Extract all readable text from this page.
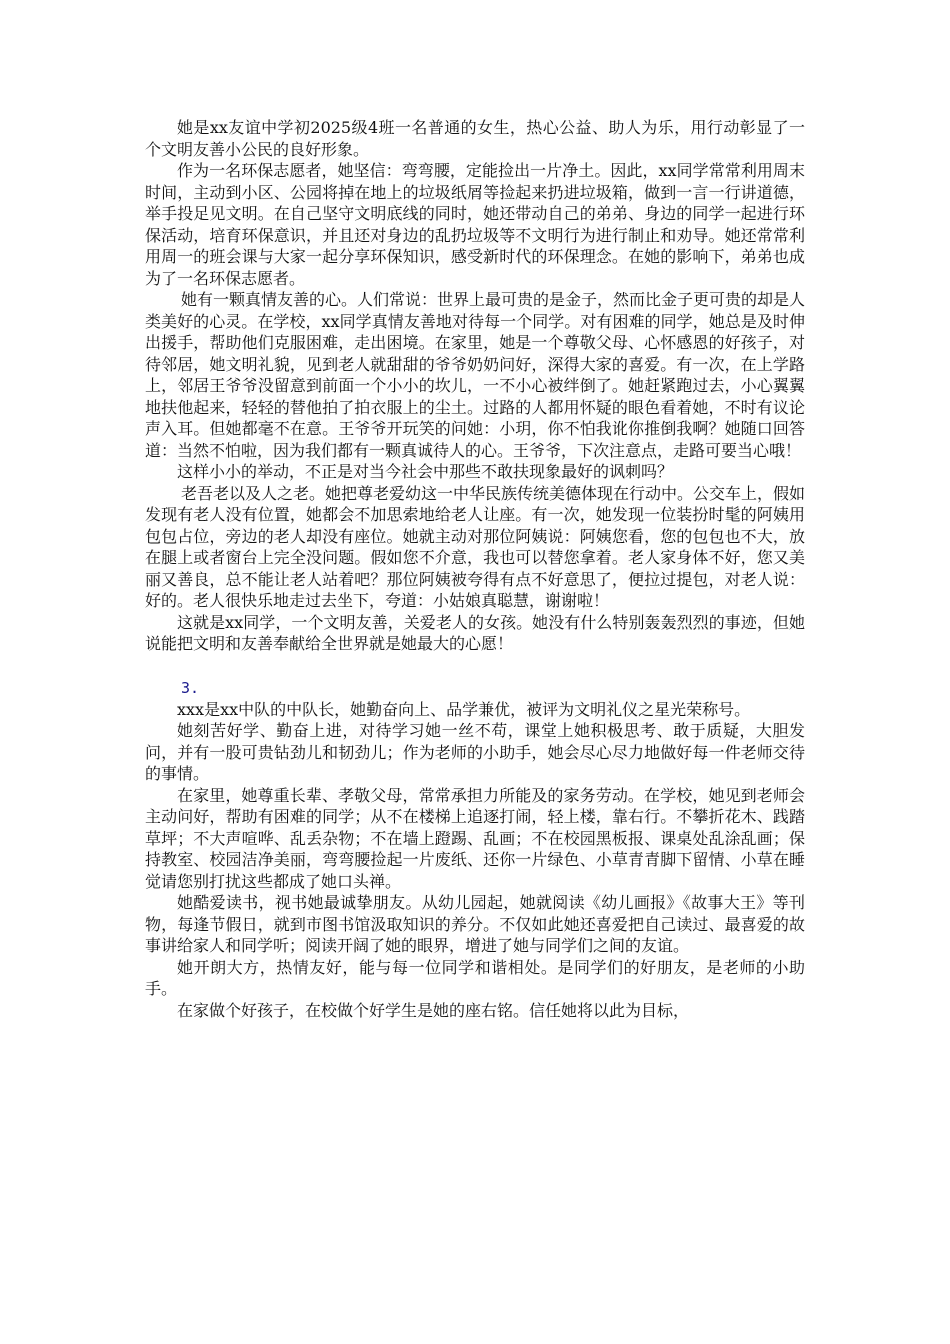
她是xx友谊中学初2025级4班一名普通的女生，热心公益、助人为乐，用行动彰显了一个文明友善小公民的良好形象。

作为一名环保志愿者，她坚信：弯弯腰，定能捡出一片净土。因此，xx同学常常利用周末时间，主动到小区、公园将掉在地上的垃圾纸屑等捡起来扔进垃圾箱，做到一言一行讲道德，举手投足见文明。在自己坚守文明底线的同时，她还带动自己的弟弟、身边的同学一起进行环保活动，培育环保意识，并且还对身边的乱扔垃圾等不文明行为进行制止和劝导。她还常常利用周一的班会课与大家一起分享环保知识，感受新时代的环保理念。在她的影响下，弟弟也成为了一名环保志愿者。

她有一颗真情友善的心。人们常说：世界上最可贵的是金子，然而比金子更可贵的却是人类美好的心灵。在学校，xx同学真情友善地对待每一个同学。对有困难的同学，她总是及时伸出援手，帮助他们克服困难，走出困境。在家里，她是一个尊敬父母、心怀感恩的好孩子，对待邻居，她文明礼貌，见到老人就甜甜的爷爷奶奶问好，深得大家的喜爱。有一次，在上学路上，邻居王爷爷没留意到前面一个小小的坎儿，一不小心被绊倒了。她赶紧跑过去，小心翼翼地扶他起来，轻轻的替他拍了拍衣服上的尘土。过路的人都用怀疑的眼色看着她，不时有议论声入耳。但她都毫不在意。王爷爷开玩笑的问她：小玥，你不怕我讹你推倒我啊？她随口回答道：当然不怕啦，因为我们都有一颗真诚待人的心。王爷爷，下次注意点，走路可要当心哦！

这样小小的举动，不正是对当今社会中那些不敢扶现象最好的讽刺吗？

老吾老以及人之老。她把尊老爱幼这一中华民族传统美德体现在行动中。公交车上，假如发现有老人没有位置，她都会不加思索地给老人让座。有一次，她发现一位装扮时髦的阿姨用包包占位，旁边的老人却没有座位。她就主动对那位阿姨说：阿姨您看，您的包包也不大，放在腿上或者窗台上完全没问题。假如您不介意，我也可以替您拿着。老人家身体不好，您又美丽又善良，总不能让老人站着吧？那位阿姨被夸得有点不好意思了，便拉过提包，对老人说：好的。老人很快乐地走过去坐下，夸道：小姑娘真聪慧，谢谢啦！

这就是xx同学，一个文明友善，关爱老人的女孩。她没有什么特别轰轰烈烈的事迹，但她说能把文明和友善奉献给全世界就是她最大的心愿！

3.

xxx是xx中队的中队长，她勤奋向上、品学兼优，被评为文明礼仪之星光荣称号。

她刻苦好学、勤奋上进，对待学习她一丝不苟，课堂上她积极思考、敢于质疑，大胆发问，并有一股可贵钻劲儿和韧劲儿；作为老师的小助手，她会尽心尽力地做好每一件老师交待的事情。

在家里，她尊重长辈、孝敬父母，常常承担力所能及的家务劳动。在学校，她见到老师会主动问好，帮助有困难的同学；从不在楼梯上追逐打闹，轻上楼，靠右行。不攀折花木、践踏草坪；不大声喧哗、乱丢杂物；不在墙上蹬踢、乱画；不在校园黑板报、课桌处乱涂乱画；保持教室、校园洁净美丽，弯弯腰捡起一片废纸、还你一片绿色、小草青青脚下留情、小草在睡觉请您别打扰这些都成了她口头禅。

她酷爱读书，视书她最诚挚朋友。从幼儿园起，她就阅读《幼儿画报》《故事大王》等刊物，每逢节假日，就到市图书馆汲取知识的养分。不仅如此她还喜爱把自己读过、最喜爱的故事讲给家人和同学听；阅读开阔了她的眼界，增进了她与同学们之间的友谊。

她开朗大方，热情友好，能与每一位同学和谐相处。是同学们的好朋友，是老师的小助手。

在家做个好孩子，在校做个好学生是她的座右铭。信任她将以此为目标，
